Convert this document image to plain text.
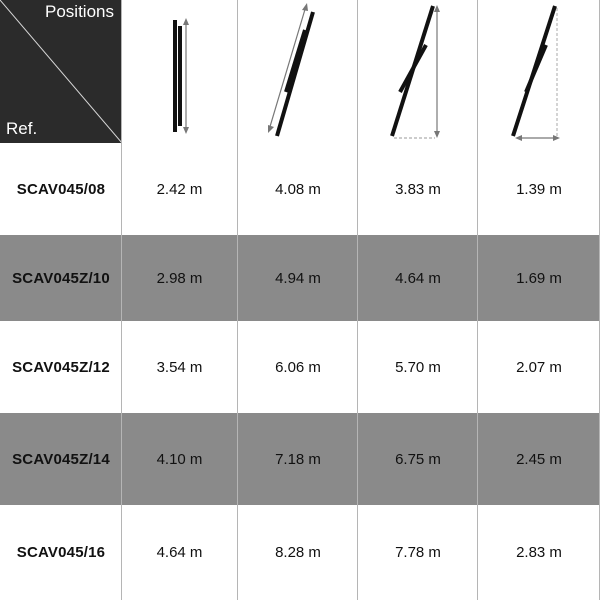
Positions
Ref.
SCAV045/08	2.42 m	4.08 m	3.83 m	1.39 m
SCAV045Z/10	2.98 m	4.94 m	4.64 m	1.69 m
SCAV045Z/12	3.54 m	6.06 m	5.70 m	2.07 m
SCAV045Z/14	4.10 m	7.18 m	6.75 m	2.45 m
SCAV045/16	4.64 m	8.28 m	7.78 m	2.83 m
